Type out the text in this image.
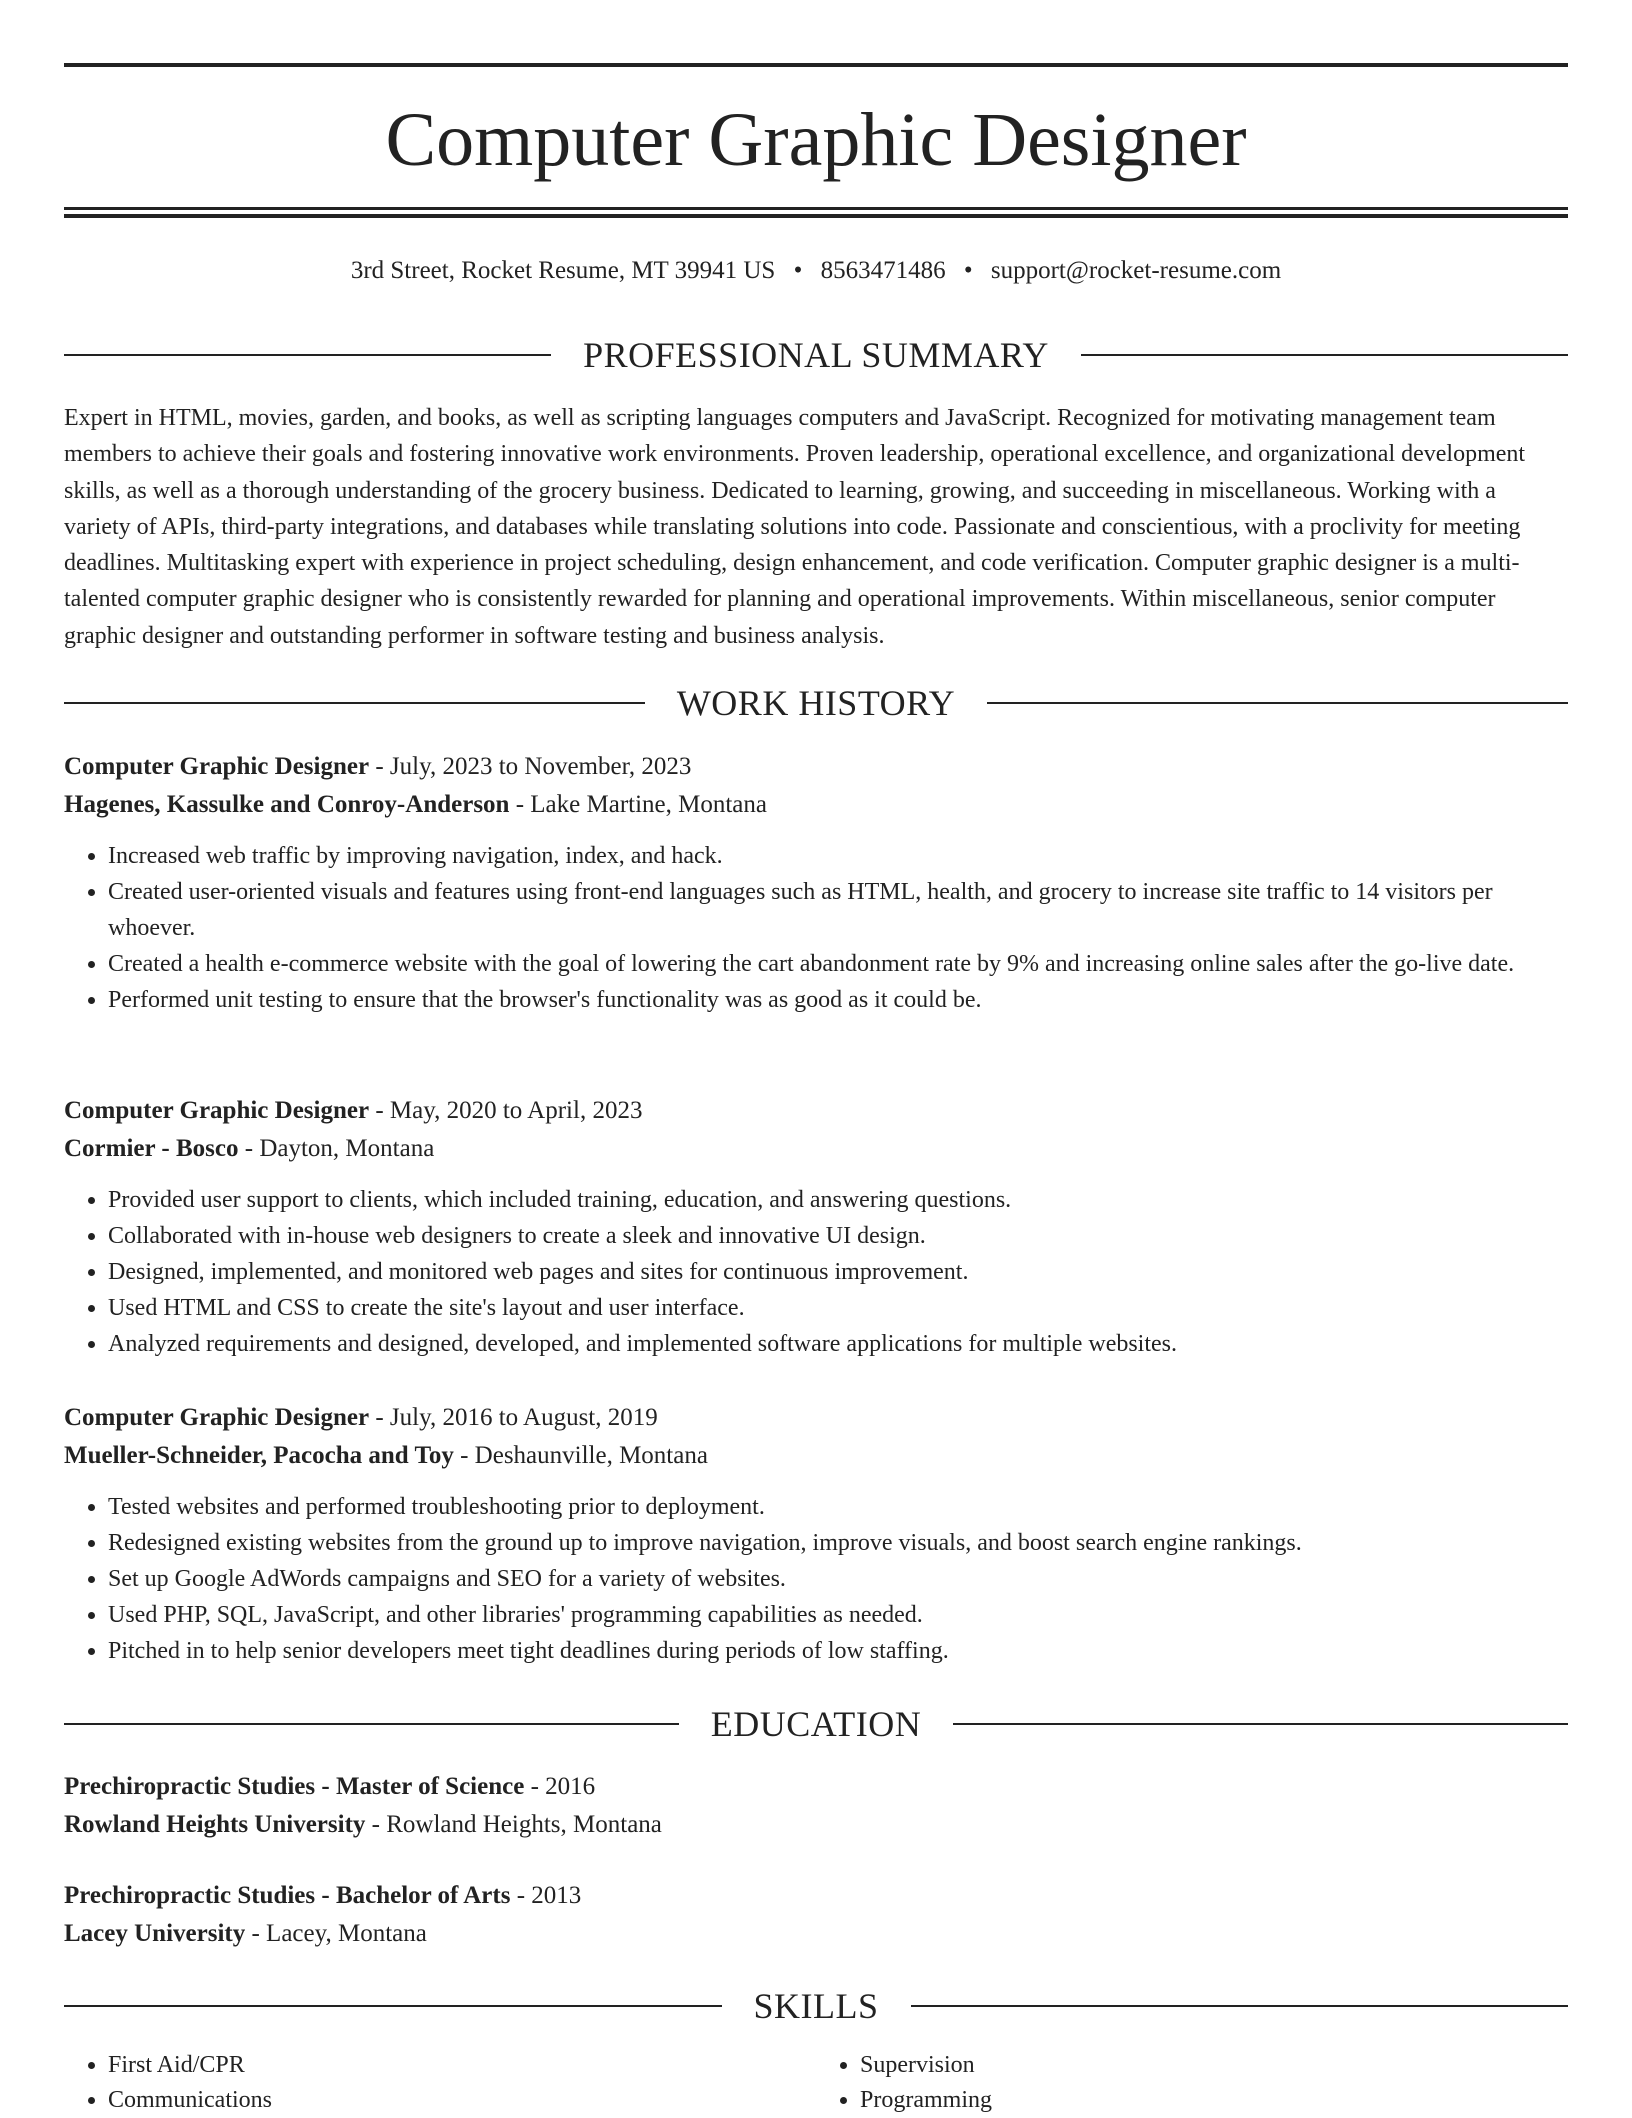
Computer Graphic Designer
3rd Street, Rocket Resume, MT 39941 US • 8563471486 • support@rocket-resume.com
PROFESSIONAL SUMMARY

Expert in HTML, movies, garden, and books, as well as scripting languages computers and JavaScript. Recognized for motivating management team members to achieve their goals and fostering innovative work environments. Proven leadership, operational excellence, and organizational development skills, as well as a thorough understanding of the grocery business. Dedicated to learning, growing, and succeeding in miscellaneous. Working with a variety of APIs, third-party integrations, and databases while translating solutions into code. Passionate and conscientious, with a proclivity for meeting deadlines. Multitasking expert with experience in project scheduling, design enhancement, and code verification. Computer graphic designer is a multi-talented computer graphic designer who is consistently rewarded for planning and operational improvements. Within miscellaneous, senior computer graphic designer and outstanding performer in software testing and business analysis.

WORK HISTORY
Computer Graphic Designer - July, 2023 to November, 2023
Hagenes, Kassulke and Conroy-Anderson - Lake Martine, Montana
• Increased web traffic by improving navigation, index, and hack.
• Created user-oriented visuals and features using front-end languages such as HTML, health, and grocery to increase site traffic to 14 visitors per whoever.
• Created a health e-commerce website with the goal of lowering the cart abandonment rate by 9% and increasing online sales after the go-live date.
• Performed unit testing to ensure that the browser's functionality was as good as it could be.
Computer Graphic Designer - May, 2020 to April, 2023
Cormier - Bosco - Dayton, Montana
• Provided user support to clients, which included training, education, and answering questions.
• Collaborated with in-house web designers to create a sleek and innovative UI design.
• Designed, implemented, and monitored web pages and sites for continuous improvement.
• Used HTML and CSS to create the site's layout and user interface.
• Analyzed requirements and designed, developed, and implemented software applications for multiple websites.
Computer Graphic Designer - July, 2016 to August, 2019
Mueller-Schneider, Pacocha and Toy - Deshaunville, Montana
• Tested websites and performed troubleshooting prior to deployment.
• Redesigned existing websites from the ground up to improve navigation, improve visuals, and boost search engine rankings.
• Set up Google AdWords campaigns and SEO for a variety of websites.
• Used PHP, SQL, JavaScript, and other libraries' programming capabilities as needed.
• Pitched in to help senior developers meet tight deadlines during periods of low staffing.
EDUCATION
Prechiropractic Studies - Master of Science - 2016
Rowland Heights University - Rowland Heights, Montana
Prechiropractic Studies - Bachelor of Arts - 2013
Lacey University - Lacey, Montana
SKILLS
• First Aid/CPR
• Communications
• Supervision
• Programming
